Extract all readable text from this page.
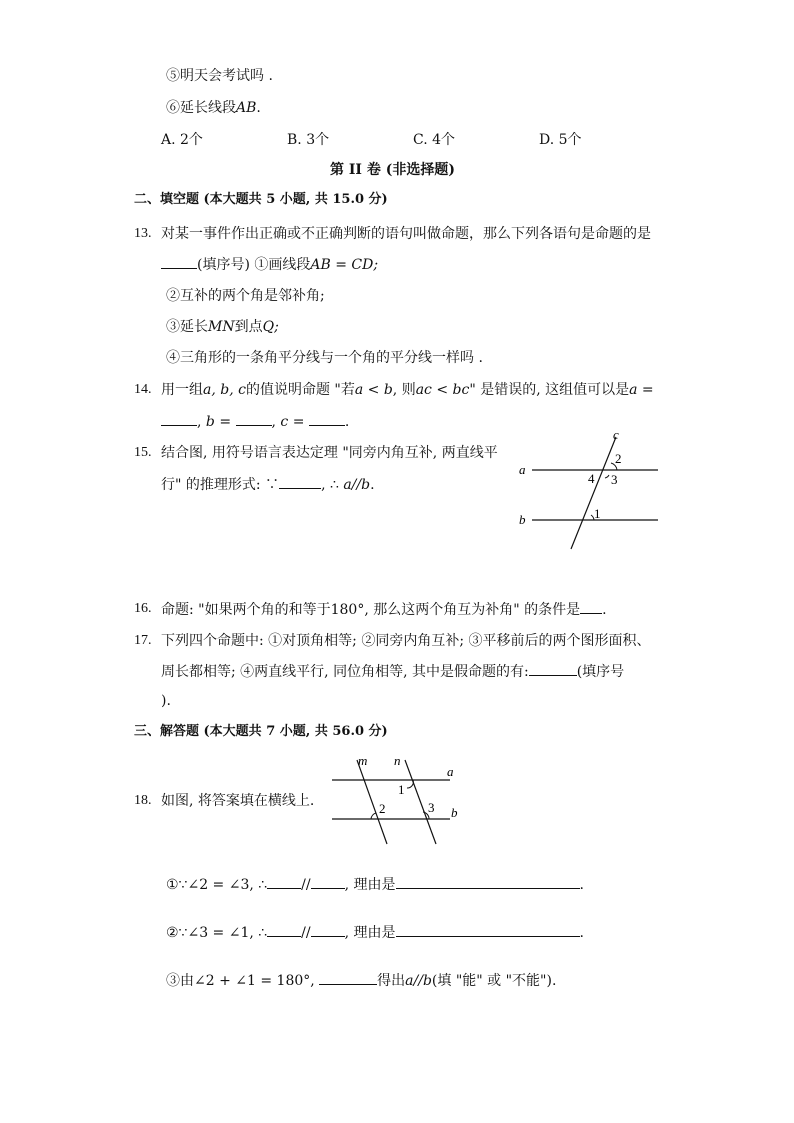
⑤明天会考试吗 .
⑥延长线段AB.
A. 2个	B. 3个	C. 4个	D. 5个
第 II 卷 (非选择题)
二、填空题 (本大题共 5 小题, 共 15.0 分)
13. 对某一事件作出正确或不正确判断的语句叫做命题，那么下列各语句是命题的是
(填序号) ①画线段AB = CD;
②互补的两个角是邻补角;
③延长MN到点Q;
④三角形的一条角平分线与一个角的平分线一样吗 .
14. 用一组a, b, c的值说明命题 "若a < b, 则ac < bc" 是错误的, 这组值可以是a =
, b =	, c =	.
15. 结合图, 用符号语言表达定理 "同旁内角互补, 两直线平
行" 的推理形式: ∵	, ∴ a//b.
c
a
b
2
3
4
1
16. 命题: "如果两个角的和等于180°, 那么这两个角互为补角" 的条件是 .
17. 下列四个命题中: ①对顶角相等; ②同旁内角互补; ③平移前后的两个图形面积、
周长都相等; ④两直线平行, 同位角相等, 其中是假命题的有:	(填序号
).
三、解答题 (本大题共 7 小题, 共 56.0 分)
18. 如图, 将答案填在横线上.
m n
a
b
1
2	3
①∵∠2 = ∠3, ∴ // , 理由是	.
②∵∠3 = ∠1, ∴ // , 理由是	.
③由∠2 + ∠1 = 180°,	得出a//b(填 "能" 或 "不能").
